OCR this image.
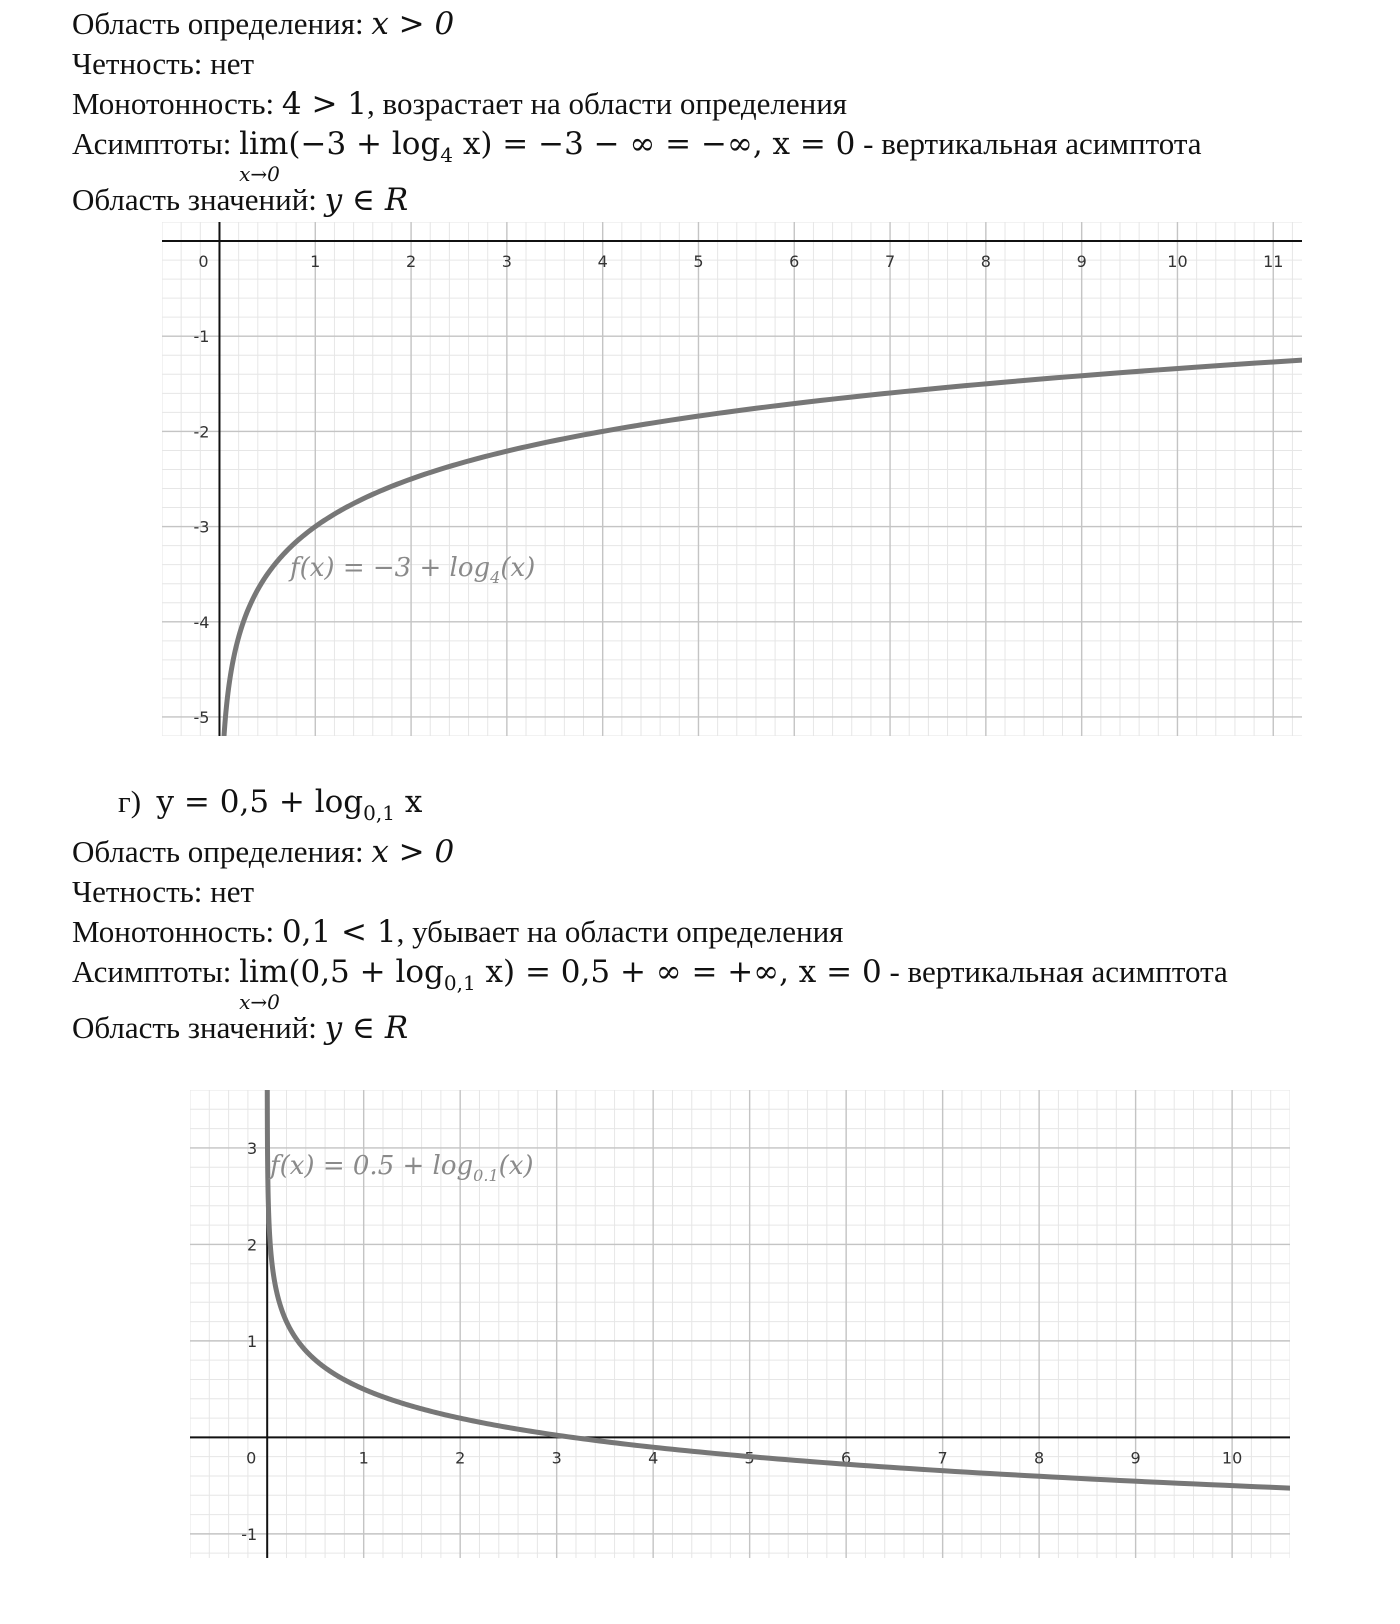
Область определения: x > 0
Четность: нет
Монотонность: 4 > 1, возрастает на области определения
Асимптоты: lim
x→0
$(-3 + \log_4 x) = -3$ − ∞ = −∞, x = 0 - вертикальная асимптота
Область значений: y ∈ R
0	1	2	3	4	5	6	7	8	9	10	11
-1
-2
-3
-4
-5
$f(x) = -3 + \log_4(x)$
г) $y = 0,5 + \log_{0,1} x$
Область определения: x > 0
Четность: нет
Монотонность: 0,1 < 1, убывает на области определения
Асимптоты: lim
x→0
$(0,5 + \log_{0,1} x) = 0,5$ + ∞ = +∞, x = 0 - вертикальная асимптота
Область значений: y ∈ R
0	1	2	3	4	5	6	7	8	9	10
3
2
1
-1
$f(x) = 0.5 + \log_{0.1}(x)$
